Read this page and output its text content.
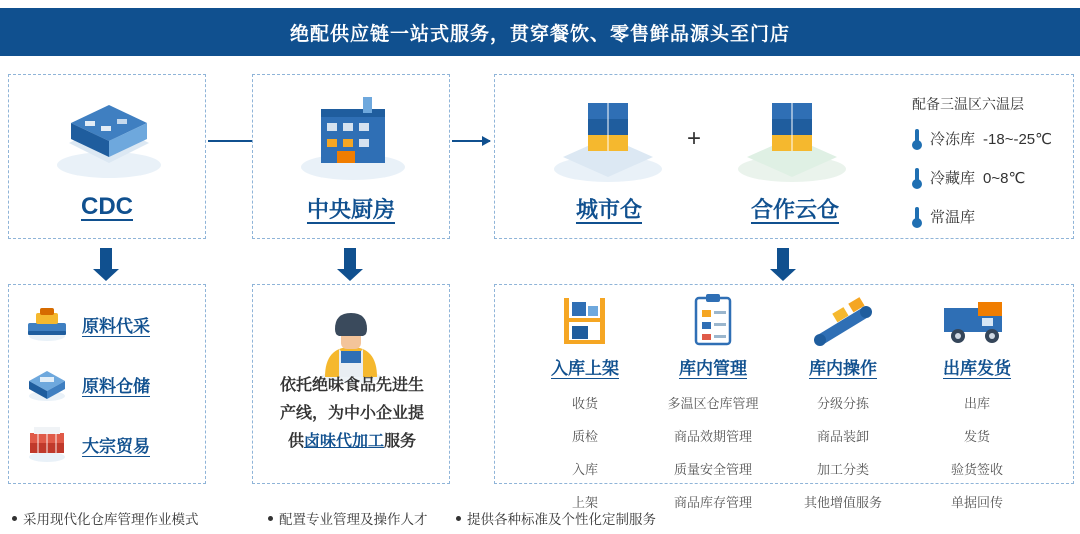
绝配供应链一站式服务，贯穿餐饮、零售鲜品源头至门店
CDC	中央厨房	城市仓
+
合作云仓
配备三温区六温层
冷冻库 -18~-25℃
冷藏库 0~8℃
常温库
原料代采
原料仓储
大宗贸易
依托绝味食品先进生
产线，为中小企业提
供卤味代加工服务
入库上架
收货
质检
入库
上架
库内管理
多温区仓库管理
商品效期管理
质量安全管理
商品库存管理
库内操作
分级分拣
商品装卸
加工分类
其他增值服务
出库发货
出库
发货
验货签收
单据回传
采用现代化仓库管理作业模式	配置专业管理及操作人才	提供各种标准及个性化定制服务
